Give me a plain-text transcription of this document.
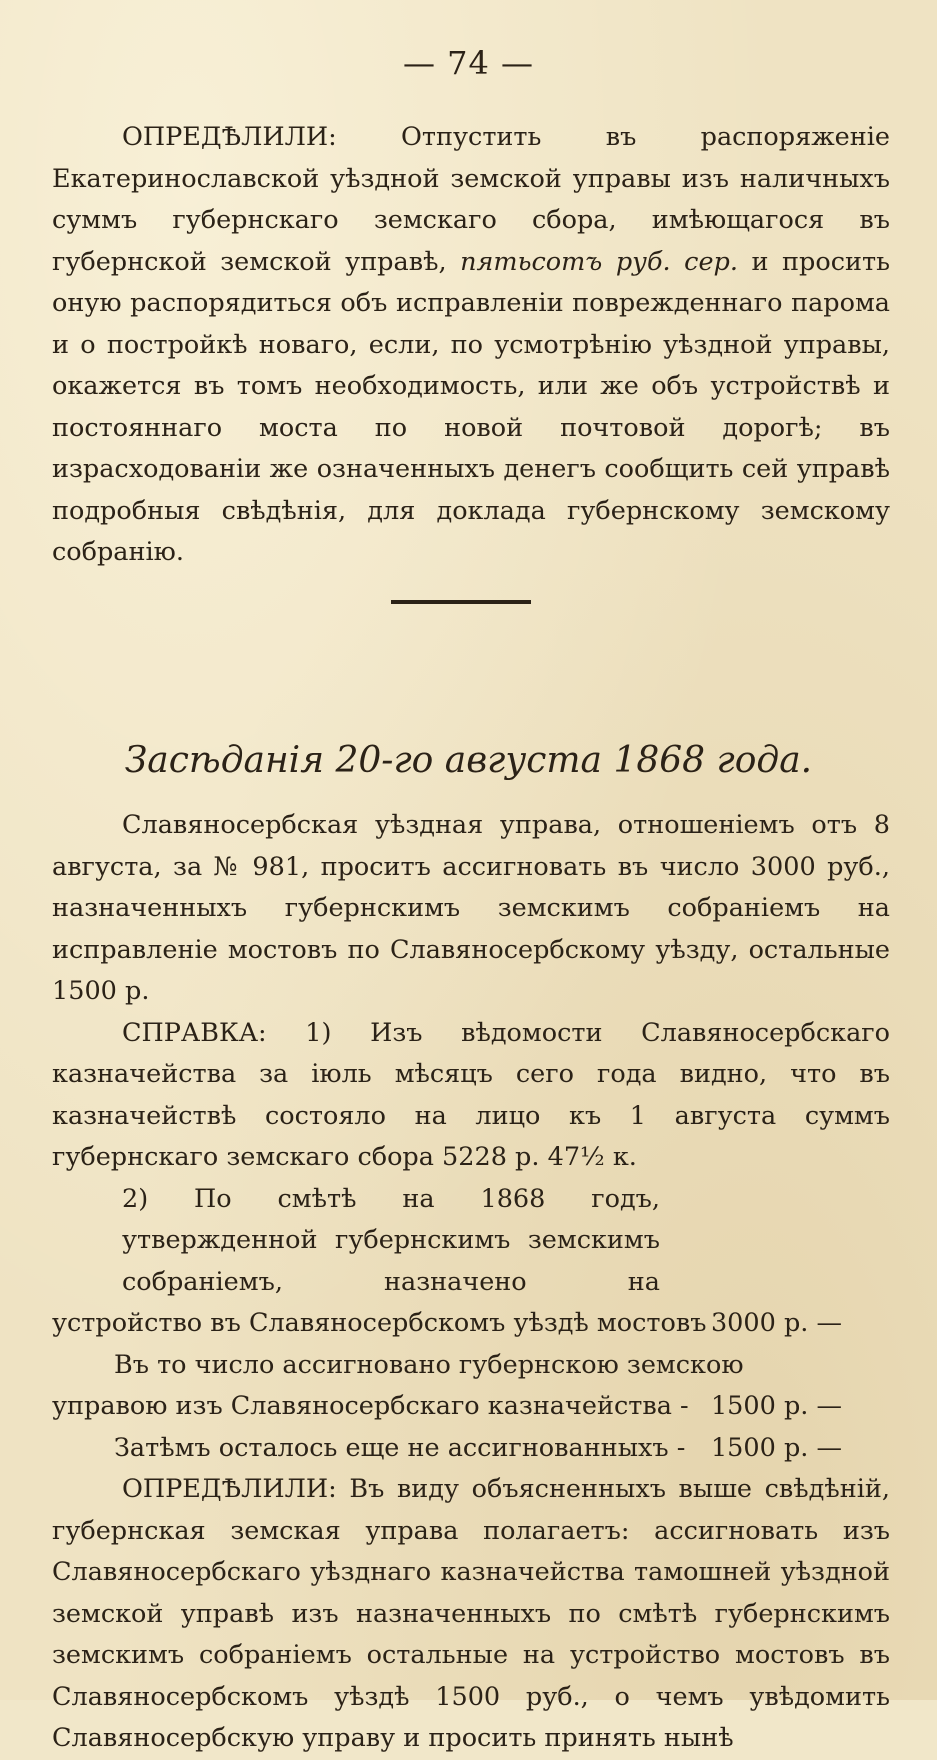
— 74 —

ОПРЕДѢЛИЛИ: Отпустить въ распоряженіе Екатеринославской уѣздной земской управы изъ наличныхъ суммъ губернскаго земскаго сбора, имѣющагося въ губернской земской управѣ, пятьсотъ руб. сер. и просить оную распорядиться объ исправленіи поврежденнаго парома и о постройкѣ новаго, если, по усмотрѣнію уѣздной управы, окажется въ томъ необходимость, или же объ устройствѣ и постояннаго моста по новой почтовой дорогѣ; въ израсходованіи же означенныхъ денегъ сообщить сей управѣ подробныя свѣдѣнія, для доклада губернскому земскому собранію.

Засѣданія 20-го августа 1868 года.

Славяносербская уѣздная управа, отношеніемъ отъ 8 августа, за № 981, проситъ ассигновать въ число 3000 руб., назначенныхъ губернскимъ земскимъ собраніемъ на исправленіе мостовъ по Славяносербскому уѣзду, остальные 1500 р.

СПРАВКА: 1) Изъ вѣдомости Славяносербскаго казначейства за іюль мѣсяцъ сего года видно, что въ казначействѣ состояло на лицо къ 1 августа суммъ губернскаго земскаго сбора 5228 р. 47½ к.

2) По смѣтѣ на 1868 годъ, утвержденной губернскимъ земскимъ собраніемъ, назначено на
устройство въ Славяносербскомъ уѣздѣ мостовъ 3000 р. —
Въ то число ассигновано губернскою земскою
управою изъ Славяносербскаго казначейства - 1500 р. —
Затѣмъ осталось еще не ассигнованныхъ - 1500 р. —

ОПРЕДѢЛИЛИ: Въ виду объясненныхъ выше свѣдѣній, губернская земская управа полагаетъ: ассигновать изъ Славяносербскаго уѣзднаго казначейства тамошней уѣздной земской управѣ изъ назначенныхъ по смѣтѣ губернскимъ земскимъ собраніемъ остальные на устройство мостовъ въ Славяносербскомъ уѣздѣ 1500 руб., о чемъ увѣдомить Славяносербскую управу и просить принять нынѣ
